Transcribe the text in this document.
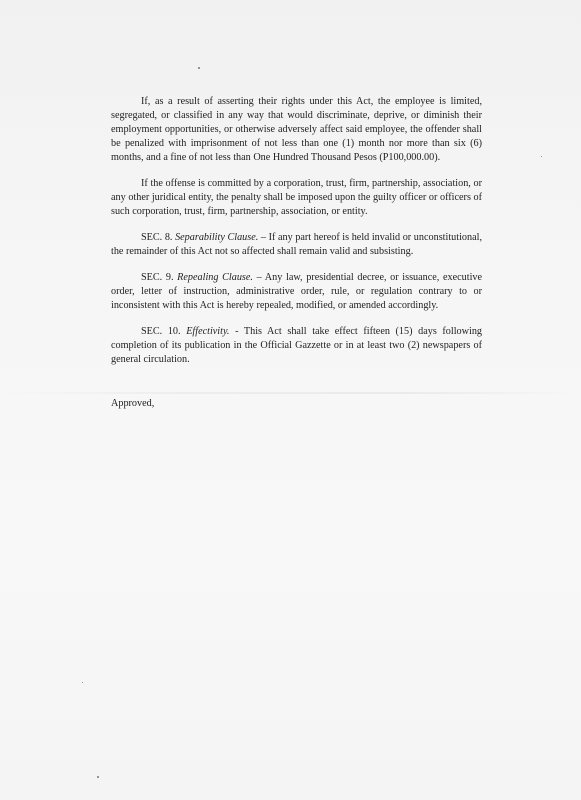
If, as a result of asserting their rights under this Act, the employee is limited, segregated, or classified in any way that would discriminate, deprive, or diminish their employment opportunities, or otherwise adversely affect said employee, the offender shall be penalized with imprisonment of not less than one (1) month nor more than six (6) months, and a fine of not less than One Hundred Thousand Pesos (P100,000.00).

If the offense is committed by a corporation, trust, firm, partnership, association, or any other juridical entity, the penalty shall be imposed upon the guilty officer or officers of such corporation, trust, firm, partnership, association, or entity.

SEC. 8. Separability Clause. – If any part hereof is held invalid or unconstitutional, the remainder of this Act not so affected shall remain valid and subsisting.

SEC. 9. Repealing Clause. – Any law, presidential decree, or issuance, executive order, letter of instruction, administrative order, rule, or regulation contrary to or inconsistent with this Act is hereby repealed, modified, or amended accordingly.

SEC. 10. Effectivity. - This Act shall take effect fifteen (15) days following completion of its publication in the Official Gazzette or in at least two (2) newspapers of general circulation.

Approved,
